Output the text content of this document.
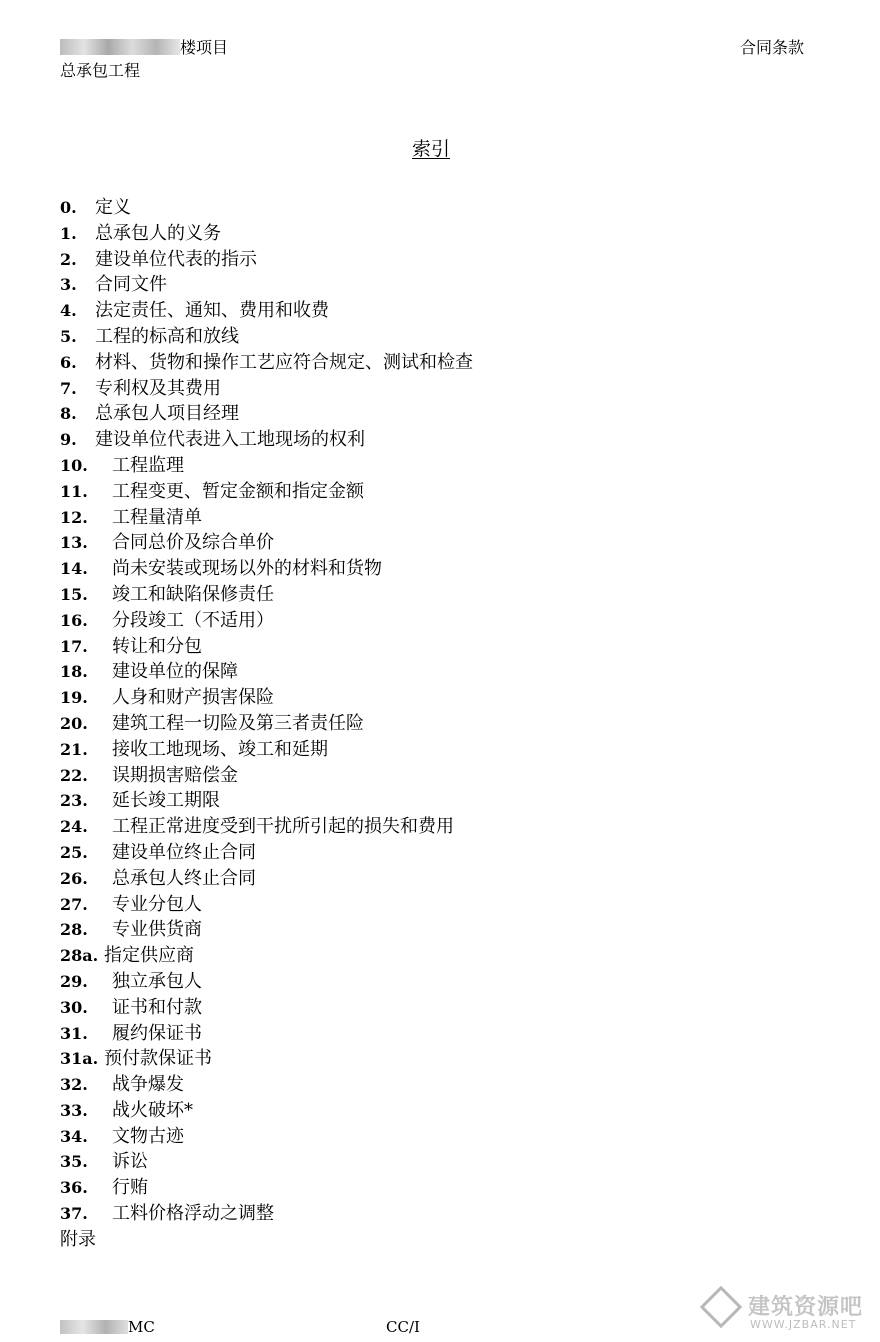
楼项目
总承包工程
合同条款
索引
0. 定义
1. 总承包人的义务
2. 建设单位代表的指示
3. 合同文件
4. 法定责任、通知、费用和收费
5. 工程的标高和放线
6. 材料、货物和操作工艺应符合规定、测试和检查
7. 专利权及其费用
8. 总承包人项目经理
9. 建设单位代表进入工地现场的权利
10. 工程监理
11. 工程变更、暂定金额和指定金额
12. 工程量清单
13. 合同总价及综合单价
14. 尚未安装或现场以外的材料和货物
15. 竣工和缺陷保修责任
16. 分段竣工（不适用）
17. 转让和分包
18. 建设单位的保障
19. 人身和财产损害保险
20. 建筑工程一切险及第三者责任险
21. 接收工地现场、竣工和延期
22. 误期损害赔偿金
23. 延长竣工期限
24. 工程正常进度受到干扰所引起的损失和费用
25. 建设单位终止合同
26. 总承包人终止合同
27. 专业分包人
28. 专业供货商
28a. 指定供应商
29. 独立承包人
30. 证书和付款
31. 履约保证书
31a. 预付款保证书
32. 战争爆发
33. 战火破坏*
34. 文物古迹
35. 诉讼
36. 行贿
37. 工料价格浮动之调整
附录
MC	CC/I
建筑资源吧
WWW.JZBAR.NET
